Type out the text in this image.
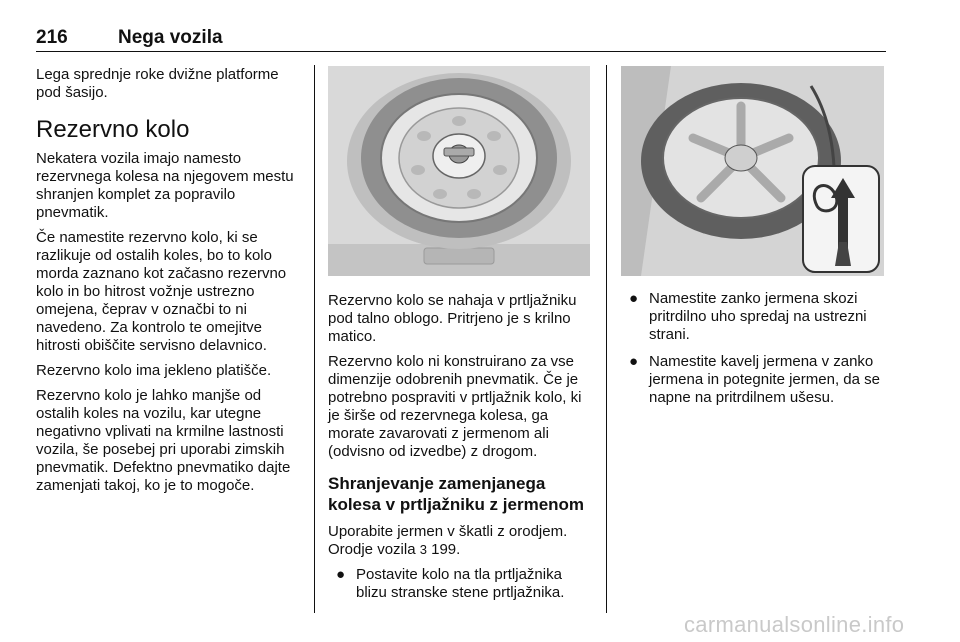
216	Nega vozila

Lega sprednje roke dvižne platforme pod šasijo.

Rezervno kolo

Nekatera vozila imajo namesto rezervnega kolesa na njegovem mestu shranjen komplet za popravilo pnevmatik.

Če namestite rezervno kolo, ki se razlikuje od ostalih koles, bo to kolo morda zaznano kot začasno rezervno kolo in bo hitrost vožnje ustrezno omejena, čeprav v označbi to ni navedeno. Za kontrolo te omejitve hitrosti obiščite servisno delavnico.

Rezervno kolo ima jekleno platišče.

Rezervno kolo je lahko manjše od ostalih koles na vozilu, kar utegne negativno vplivati na krmilne lastnosti vozila, še posebej pri uporabi zimskih pnevmatik. Defektno pnevmatiko dajte zamenjati takoj, ko je to mogoče.

Rezervno kolo se nahaja v prtljažniku pod talno oblogo. Pritrjeno je s krilno matico.

Rezervno kolo ni konstruirano za vse dimenzije odobrenih pnevmatik. Če je potrebno pospraviti v prtljažnik kolo, ki je širše od rezervnega kolesa, ga morate zavarovati z jermenom ali (odvisno od izvedbe) z drogom.

Shranjevanje zamenjanega kolesa v prtljažniku z jermenom

Uporabite jermen v škatli z orodjem. Orodje vozila 3 199.

● Postavite kolo na tla prtljažnika blizu stranske stene prtljažnika.
● Namestite zanko jermena skozi pritrdilno uho spredaj na ustrezni strani.
● Namestite kavelj jermena v zanko jermena in potegnite jermen, da se napne na pritrdilnem ušesu.
carmanualsonline.info
